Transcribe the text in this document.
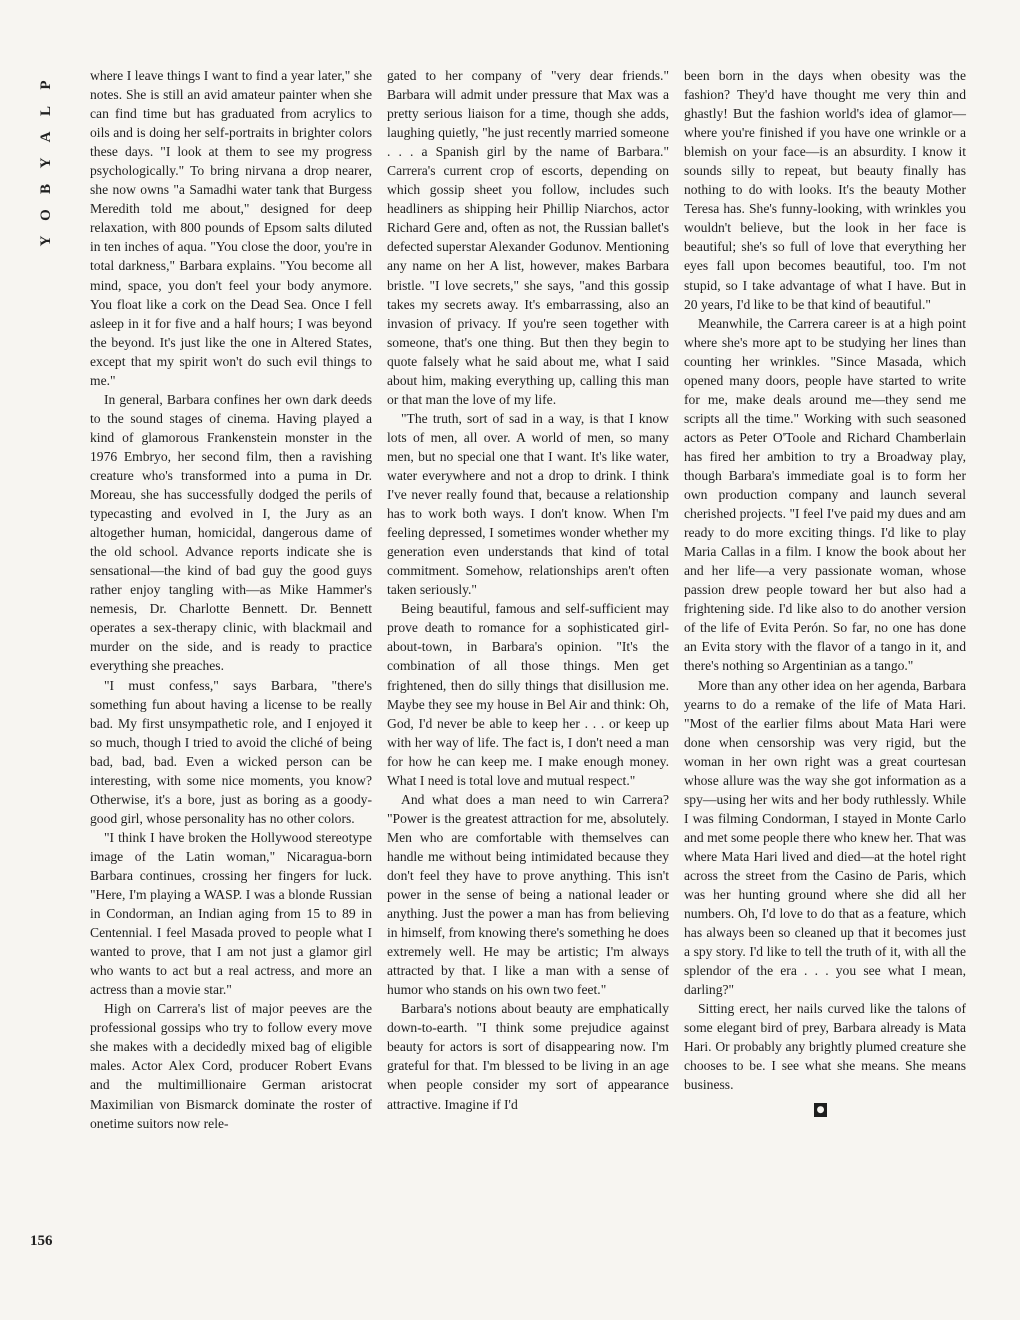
P
L
A
Y
B
O
Y
156

where I leave things I want to find a year later," she notes. She is still an avid amateur painter when she can find time but has graduated from acrylics to oils and is doing her self-portraits in brighter colors these days. "I look at them to see my progress psychologically." To bring nirvana a drop nearer, she now owns "a Samadhi water tank that Burgess Meredith told me about," designed for deep relaxation, with 800 pounds of Epsom salts diluted in ten inches of aqua. "You close the door, you're in total darkness," Barbara explains. "You become all mind, space, you don't feel your body anymore. You float like a cork on the Dead Sea. Once I fell asleep in it for five and a half hours; I was beyond the beyond. It's just like the one in Altered States, except that my spirit won't do such evil things to me."

In general, Barbara confines her own dark deeds to the sound stages of cinema. Having played a kind of glamorous Frankenstein monster in the 1976 Embryo, her second film, then a ravishing creature who's transformed into a puma in Dr. Moreau, she has successfully dodged the perils of typecasting and evolved in I, the Jury as an altogether human, homicidal, dangerous dame of the old school. Advance reports indicate she is sensational—the kind of bad guy the good guys rather enjoy tangling with—as Mike Hammer's nemesis, Dr. Charlotte Bennett. Dr. Bennett operates a sex-therapy clinic, with blackmail and murder on the side, and is ready to practice everything she preaches.

"I must confess," says Barbara, "there's something fun about having a license to be really bad. My first unsympathetic role, and I enjoyed it so much, though I tried to avoid the cliché of being bad, bad, bad. Even a wicked person can be interesting, with some nice moments, you know? Otherwise, it's a bore, just as boring as a goody-good girl, whose personality has no other colors.

"I think I have broken the Hollywood stereotype image of the Latin woman," Nicaragua-born Barbara continues, crossing her fingers for luck. "Here, I'm playing a WASP. I was a blonde Russian in Condorman, an Indian aging from 15 to 89 in Centennial. I feel Masada proved to people what I wanted to prove, that I am not just a glamor girl who wants to act but a real actress, and more an actress than a movie star."

High on Carrera's list of major peeves are the professional gossips who try to follow every move she makes with a decidedly mixed bag of eligible males. Actor Alex Cord, producer Robert Evans and the multimillionaire German aristocrat Maximilian von Bismarck dominate the roster of onetime suitors now rele-

gated to her company of "very dear friends." Barbara will admit under pressure that Max was a pretty serious liaison for a time, though she adds, laughing quietly, "he just recently married someone . . . a Spanish girl by the name of Barbara." Carrera's current crop of escorts, depending on which gossip sheet you follow, includes such headliners as shipping heir Phillip Niarchos, actor Richard Gere and, often as not, the Russian ballet's defected superstar Alexander Godunov. Mentioning any name on her A list, however, makes Barbara bristle. "I love secrets," she says, "and this gossip takes my secrets away. It's embarrassing, also an invasion of privacy. If you're seen together with someone, that's one thing. But then they begin to quote falsely what he said about me, what I said about him, making everything up, calling this man or that man the love of my life.

"The truth, sort of sad in a way, is that I know lots of men, all over. A world of men, so many men, but no special one that I want. It's like water, water everywhere and not a drop to drink. I think I've never really found that, because a relationship has to work both ways. I don't know. When I'm feeling depressed, I sometimes wonder whether my generation even understands that kind of total commitment. Somehow, relationships aren't often taken seriously."

Being beautiful, famous and self-sufficient may prove death to romance for a sophisticated girl-about-town, in Barbara's opinion. "It's the combination of all those things. Men get frightened, then do silly things that disillusion me. Maybe they see my house in Bel Air and think: Oh, God, I'd never be able to keep her . . . or keep up with her way of life. The fact is, I don't need a man for how he can keep me. I make enough money. What I need is total love and mutual respect."

And what does a man need to win Carrera? "Power is the greatest attraction for me, absolutely. Men who are comfortable with themselves can handle me without being intimidated because they don't feel they have to prove anything. This isn't power in the sense of being a national leader or anything. Just the power a man has from believing in himself, from knowing there's something he does extremely well. He may be artistic; I'm always attracted by that. I like a man with a sense of humor who stands on his own two feet."

Barbara's notions about beauty are emphatically down-to-earth. "I think some prejudice against beauty for actors is sort of disappearing now. I'm grateful for that. I'm blessed to be living in an age when people consider my sort of appearance attractive. Imagine if I'd

been born in the days when obesity was the fashion? They'd have thought me very thin and ghastly! But the fashion world's idea of glamor—where you're finished if you have one wrinkle or a blemish on your face—is an absurdity. I know it sounds silly to repeat, but beauty finally has nothing to do with looks. It's the beauty Mother Teresa has. She's funny-looking, with wrinkles you wouldn't believe, but the look in her face is beautiful; she's so full of love that everything her eyes fall upon becomes beautiful, too. I'm not stupid, so I take advantage of what I have. But in 20 years, I'd like to be that kind of beautiful."

Meanwhile, the Carrera career is at a high point where she's more apt to be studying her lines than counting her wrinkles. "Since Masada, which opened many doors, people have started to write for me, make deals around me—they send me scripts all the time." Working with such seasoned actors as Peter O'Toole and Richard Chamberlain has fired her ambition to try a Broadway play, though Barbara's immediate goal is to form her own production company and launch several cherished projects. "I feel I've paid my dues and am ready to do more exciting things. I'd like to play Maria Callas in a film. I know the book about her and her life—a very passionate woman, whose passion drew people toward her but also had a frightening side. I'd like also to do another version of the life of Evita Perón. So far, no one has done an Evita story with the flavor of a tango in it, and there's nothing so Argentinian as a tango."

More than any other idea on her agenda, Barbara yearns to do a remake of the life of Mata Hari. "Most of the earlier films about Mata Hari were done when censorship was very rigid, but the woman in her own right was a great courtesan whose allure was the way she got information as a spy—using her wits and her body ruthlessly. While I was filming Condorman, I stayed in Monte Carlo and met some people there who knew her. That was where Mata Hari lived and died—at the hotel right across the street from the Casino de Paris, which was her hunting ground where she did all her numbers. Oh, I'd love to do that as a feature, which has always been so cleaned up that it becomes just a spy story. I'd like to tell the truth of it, with all the splendor of the era . . . you see what I mean, darling?"

Sitting erect, her nails curved like the talons of some elegant bird of prey, Barbara already is Mata Hari. Or probably any brightly plumed creature she chooses to be. I see what she means. She means business.

●
